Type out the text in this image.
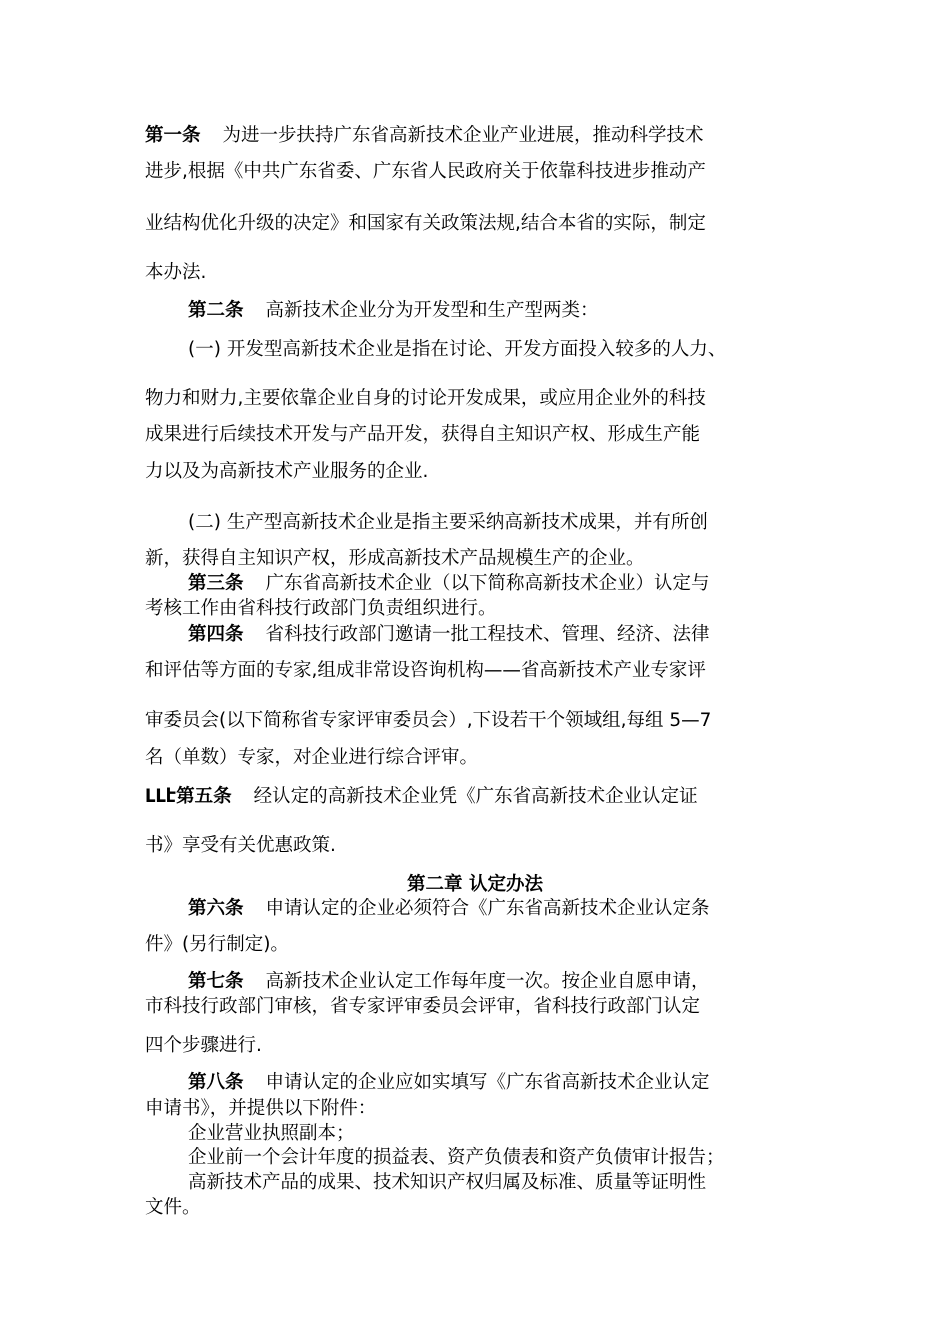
第一条 为进一步扶持广东省高新技术企业产业进展，推动科学技术

进步,根据《中共广东省委、广东省人民政府关于依靠科技进步推动产

业结构优化升级的决定》和国家有关政策法规,结合本省的实际，制定

本办法.

第二条 高新技术企业分为开发型和生产型两类：

(一) 开发型高新技术企业是指在讨论、开发方面投入较多的人力、

物力和财力,主要依靠企业自身的讨论开发成果，或应用企业外的科技

成果进行后续技术开发与产品开发，获得自主知识产权、形成生产能

力以及为高新技术产业服务的企业.

(二) 生产型高新技术企业是指主要采纳高新技术成果，并有所创

新，获得自主知识产权，形成高新技术产品规模生产的企业。

第三条 广东省高新技术企业（以下简称高新技术企业）认定与

考核工作由省科技行政部门负责组织进行。

第四条 省科技行政部门邀请一批工程技术、管理、经济、法律

和评估等方面的专家,组成非常设咨询机构——省高新技术产业专家评

审委员会(以下简称省专家评审委员会）,下设若干个领域组,每组 5—7

名（单数）专家，对企业进行综合评审。

ԼԼէ第五条 经认定的高新技术企业凭《广东省高新技术企业认定证

书》享受有关优惠政策.

第二章 认定办法

第六条 申请认定的企业必须符合《广东省高新技术企业认定条

件》(另行制定)。

第七条 高新技术企业认定工作每年度一次。按企业自愿申请，

市科技行政部门审核，省专家评审委员会评审，省科技行政部门认定

四个步骤进行.

第八条 申请认定的企业应如实填写《广东省高新技术企业认定

申请书》，并提供以下附件：

企业营业执照副本；

企业前一个会计年度的损益表、资产负债表和资产负债审计报告；

高新技术产品的成果、技术知识产权归属及标准、质量等证明性

文件。
